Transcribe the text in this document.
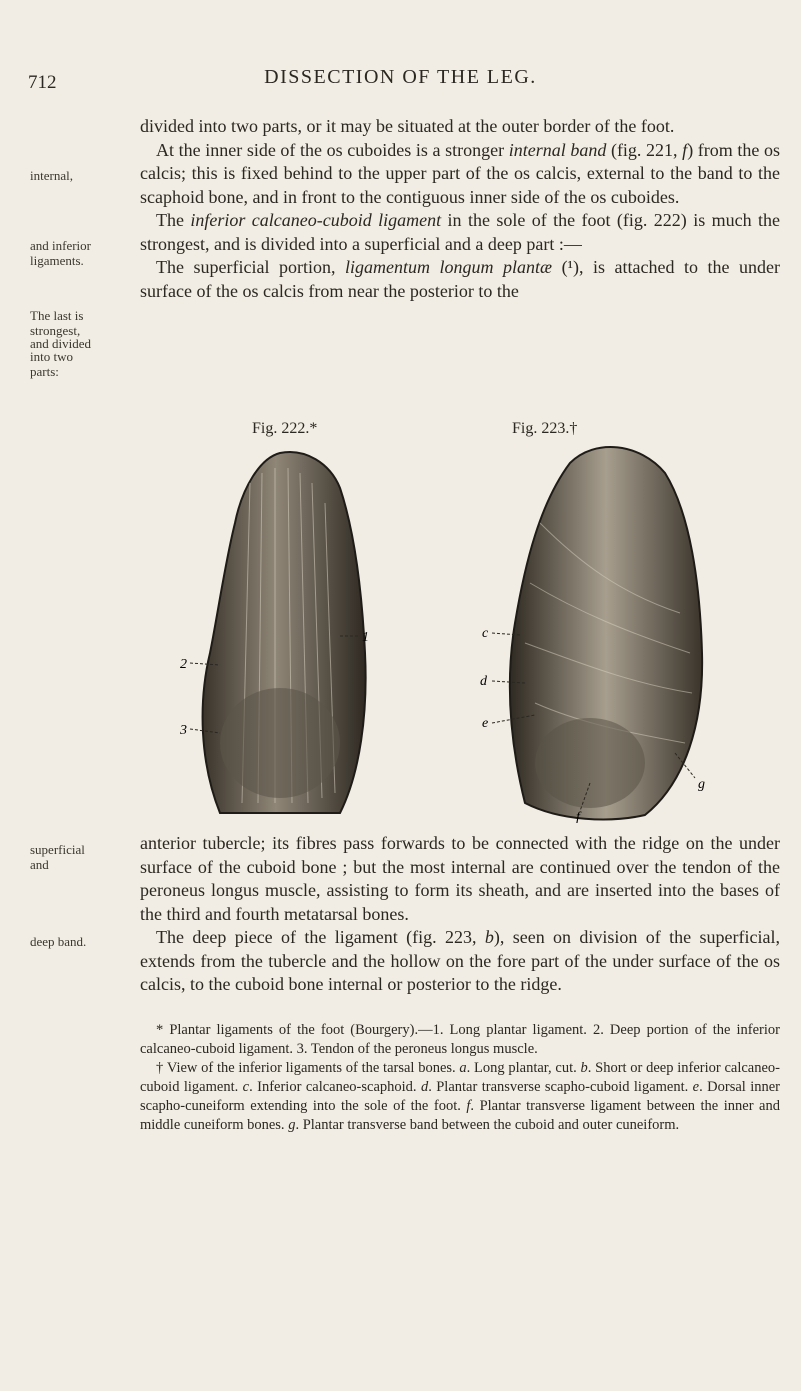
712	DISSECTION OF THE LEG.
internal,
and inferior
ligaments.
The last is
strongest,
and divided
into two
parts:
superficial
and
deep band.

divided into two parts, or it may be situated at the outer border of the foot.

At the inner side of the os cuboides is a stronger internal band (fig. 221, f) from the os calcis; this is fixed behind to the upper part of the os calcis, external to the band to the scaphoid bone, and in front to the contiguous inner side of the os cuboides.

The inferior calcaneo-cuboid ligament in the sole of the foot (fig. 222) is much the strongest, and is divided into a superficial and a deep part :—

The superficial portion, ligamentum longum plantæ (¹), is attached to the under surface of the os calcis from near the posterior to the

Fig. 222.*	Fig. 223.†
1
2
3
c
d
e
f
g

anterior tubercle; its fibres pass forwards to be connected with the ridge on the under surface of the cuboid bone ; but the most internal are continued over the tendon of the peroneus longus muscle, assisting to form its sheath, and are inserted into the bases of the third and fourth metatarsal bones.

The deep piece of the ligament (fig. 223, b), seen on division of the superficial, extends from the tubercle and the hollow on the fore part of the under surface of the os calcis, to the cuboid bone internal or posterior to the ridge.

* Plantar ligaments of the foot (Bourgery).—1. Long plantar ligament. 2. Deep portion of the inferior calcaneo-cuboid ligament. 3. Tendon of the peroneus longus muscle.

† View of the inferior ligaments of the tarsal bones. a. Long plantar, cut. b. Short or deep inferior calcaneo-cuboid ligament. c. Inferior calcaneo-scaphoid. d. Plantar transverse scapho-cuboid ligament. e. Dorsal inner scapho-cuneiform extending into the sole of the foot. f. Plantar transverse ligament between the inner and middle cuneiform bones. g. Plantar transverse band between the cuboid and outer cuneiform.
